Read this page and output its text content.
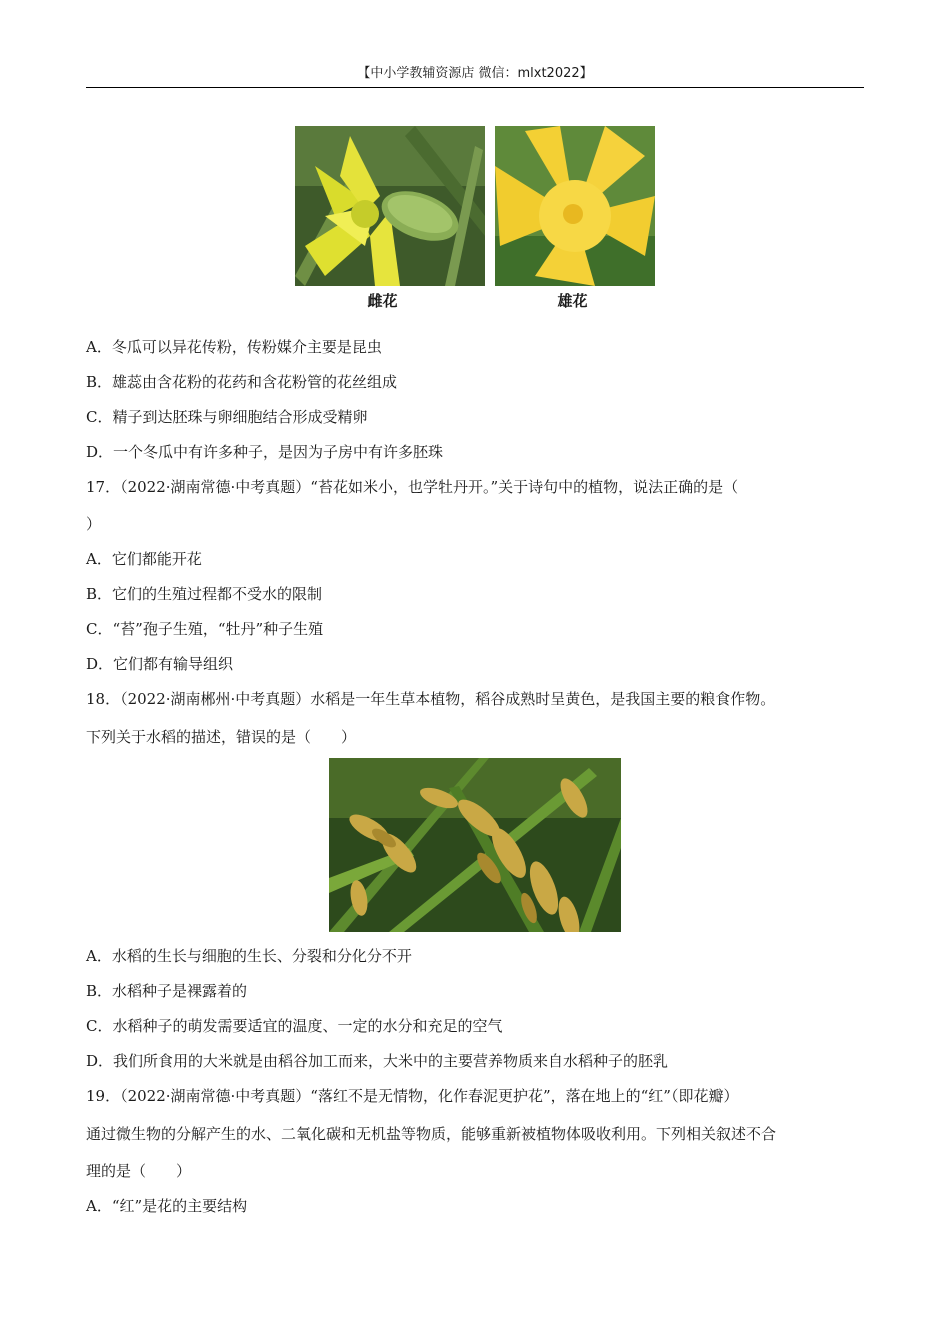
【中小学教辅资源店 微信：mlxt2022】
雌花	雄花
A．冬瓜可以异花传粉，传粉媒介主要是昆虫
B．雄蕊由含花粉的花药和含花粉管的花丝组成
C．精子到达胚珠与卵细胞结合形成受精卵
D．一个冬瓜中有许多种子，是因为子房中有许多胚珠
17．（2022·湖南常德·中考真题）“苔花如米小，也学牡丹开。”关于诗句中的植物，说法正确的是（
）
A．它们都能开花
B．它们的生殖过程都不受水的限制
C．“苔”孢子生殖，“牡丹”种子生殖
D．它们都有输导组织
18．（2022·湖南郴州·中考真题）水稻是一年生草本植物，稻谷成熟时呈黄色，是我国主要的粮食作物。
下列关于水稻的描述，错误的是（　　）
A．水稻的生长与细胞的生长、分裂和分化分不开
B．水稻种子是裸露着的
C．水稻种子的萌发需要适宜的温度、一定的水分和充足的空气
D．我们所食用的大米就是由稻谷加工而来，大米中的主要营养物质来自水稻种子的胚乳
19．（2022·湖南常德·中考真题）“落红不是无情物，化作春泥更护花”，落在地上的“红”（即花瓣）
通过微生物的分解产生的水、二氧化碳和无机盐等物质，能够重新被植物体吸收利用。下列相关叙述不合
理的是（　　）
A．“红”是花的主要结构
